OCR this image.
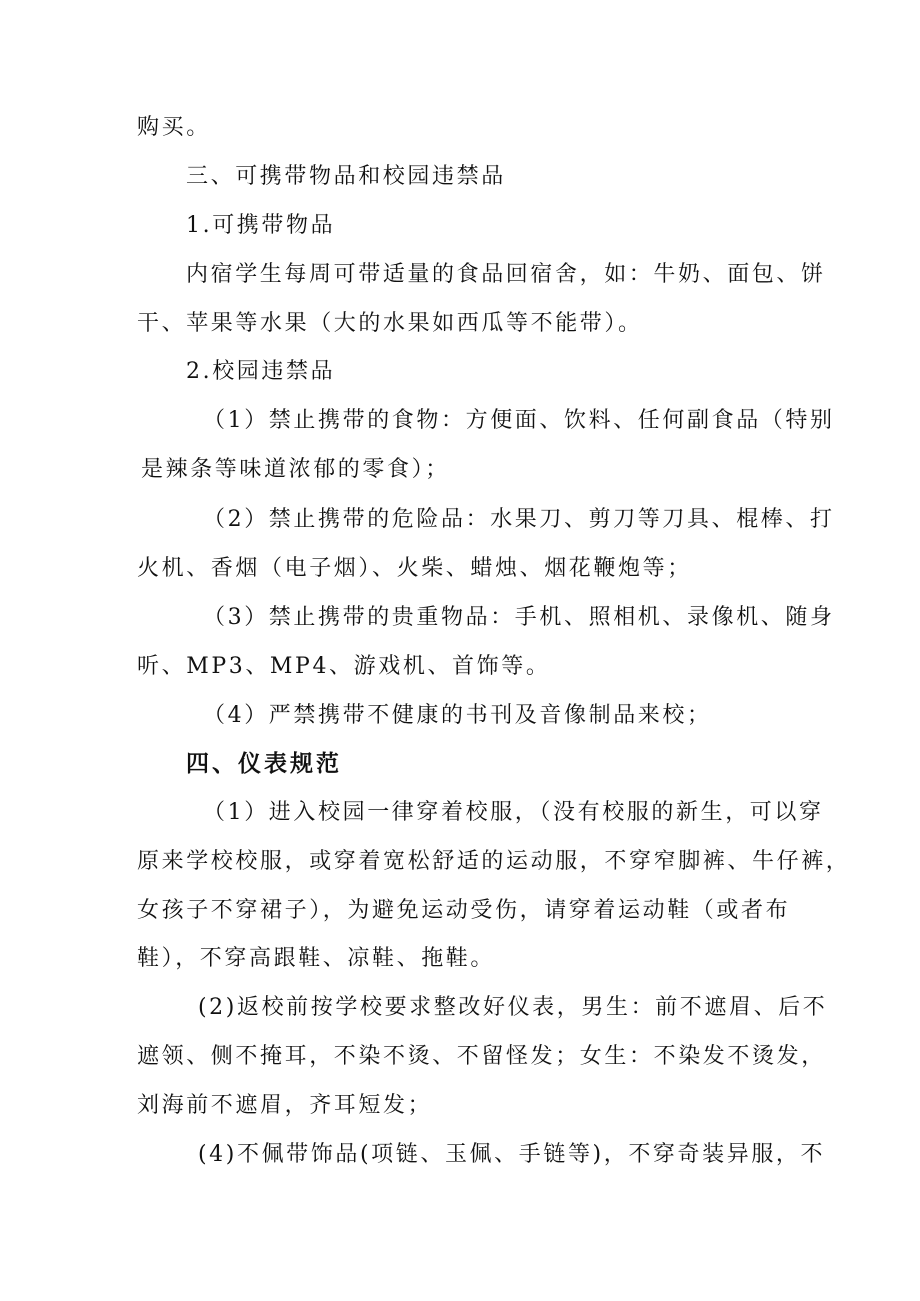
购买。
三、可携带物品和校园违禁品
1.可携带物品
内宿学生每周可带适量的食品回宿舍，如：牛奶、面包、饼
干、苹果等水果（大的水果如西瓜等不能带）。
2.校园违禁品
（1）禁止携带的食物：方便面、饮料、任何副食品（特别
是辣条等味道浓郁的零食）；
（2）禁止携带的危险品：水果刀、剪刀等刀具、棍棒、打
火机、香烟（电子烟）、火柴、蜡烛、烟花鞭炮等；
（3）禁止携带的贵重物品：手机、照相机、录像机、随身
听、MP3、MP4、游戏机、首饰等。
（4）严禁携带不健康的书刊及音像制品来校；
四、仪表规范
（1）进入校园一律穿着校服，（没有校服的新生，可以穿
原来学校校服，或穿着宽松舒适的运动服，不穿窄脚裤、牛仔裤，
女孩子不穿裙子），为避免运动受伤，请穿着运动鞋（或者布
鞋），不穿高跟鞋、凉鞋、拖鞋。
(2)返校前按学校要求整改好仪表，男生：前不遮眉、后不
遮领、侧不掩耳，不染不烫、不留怪发；女生：不染发不烫发，
刘海前不遮眉，齐耳短发；
(4)不佩带饰品(项链、玉佩、手链等)，不穿奇装异服，不
